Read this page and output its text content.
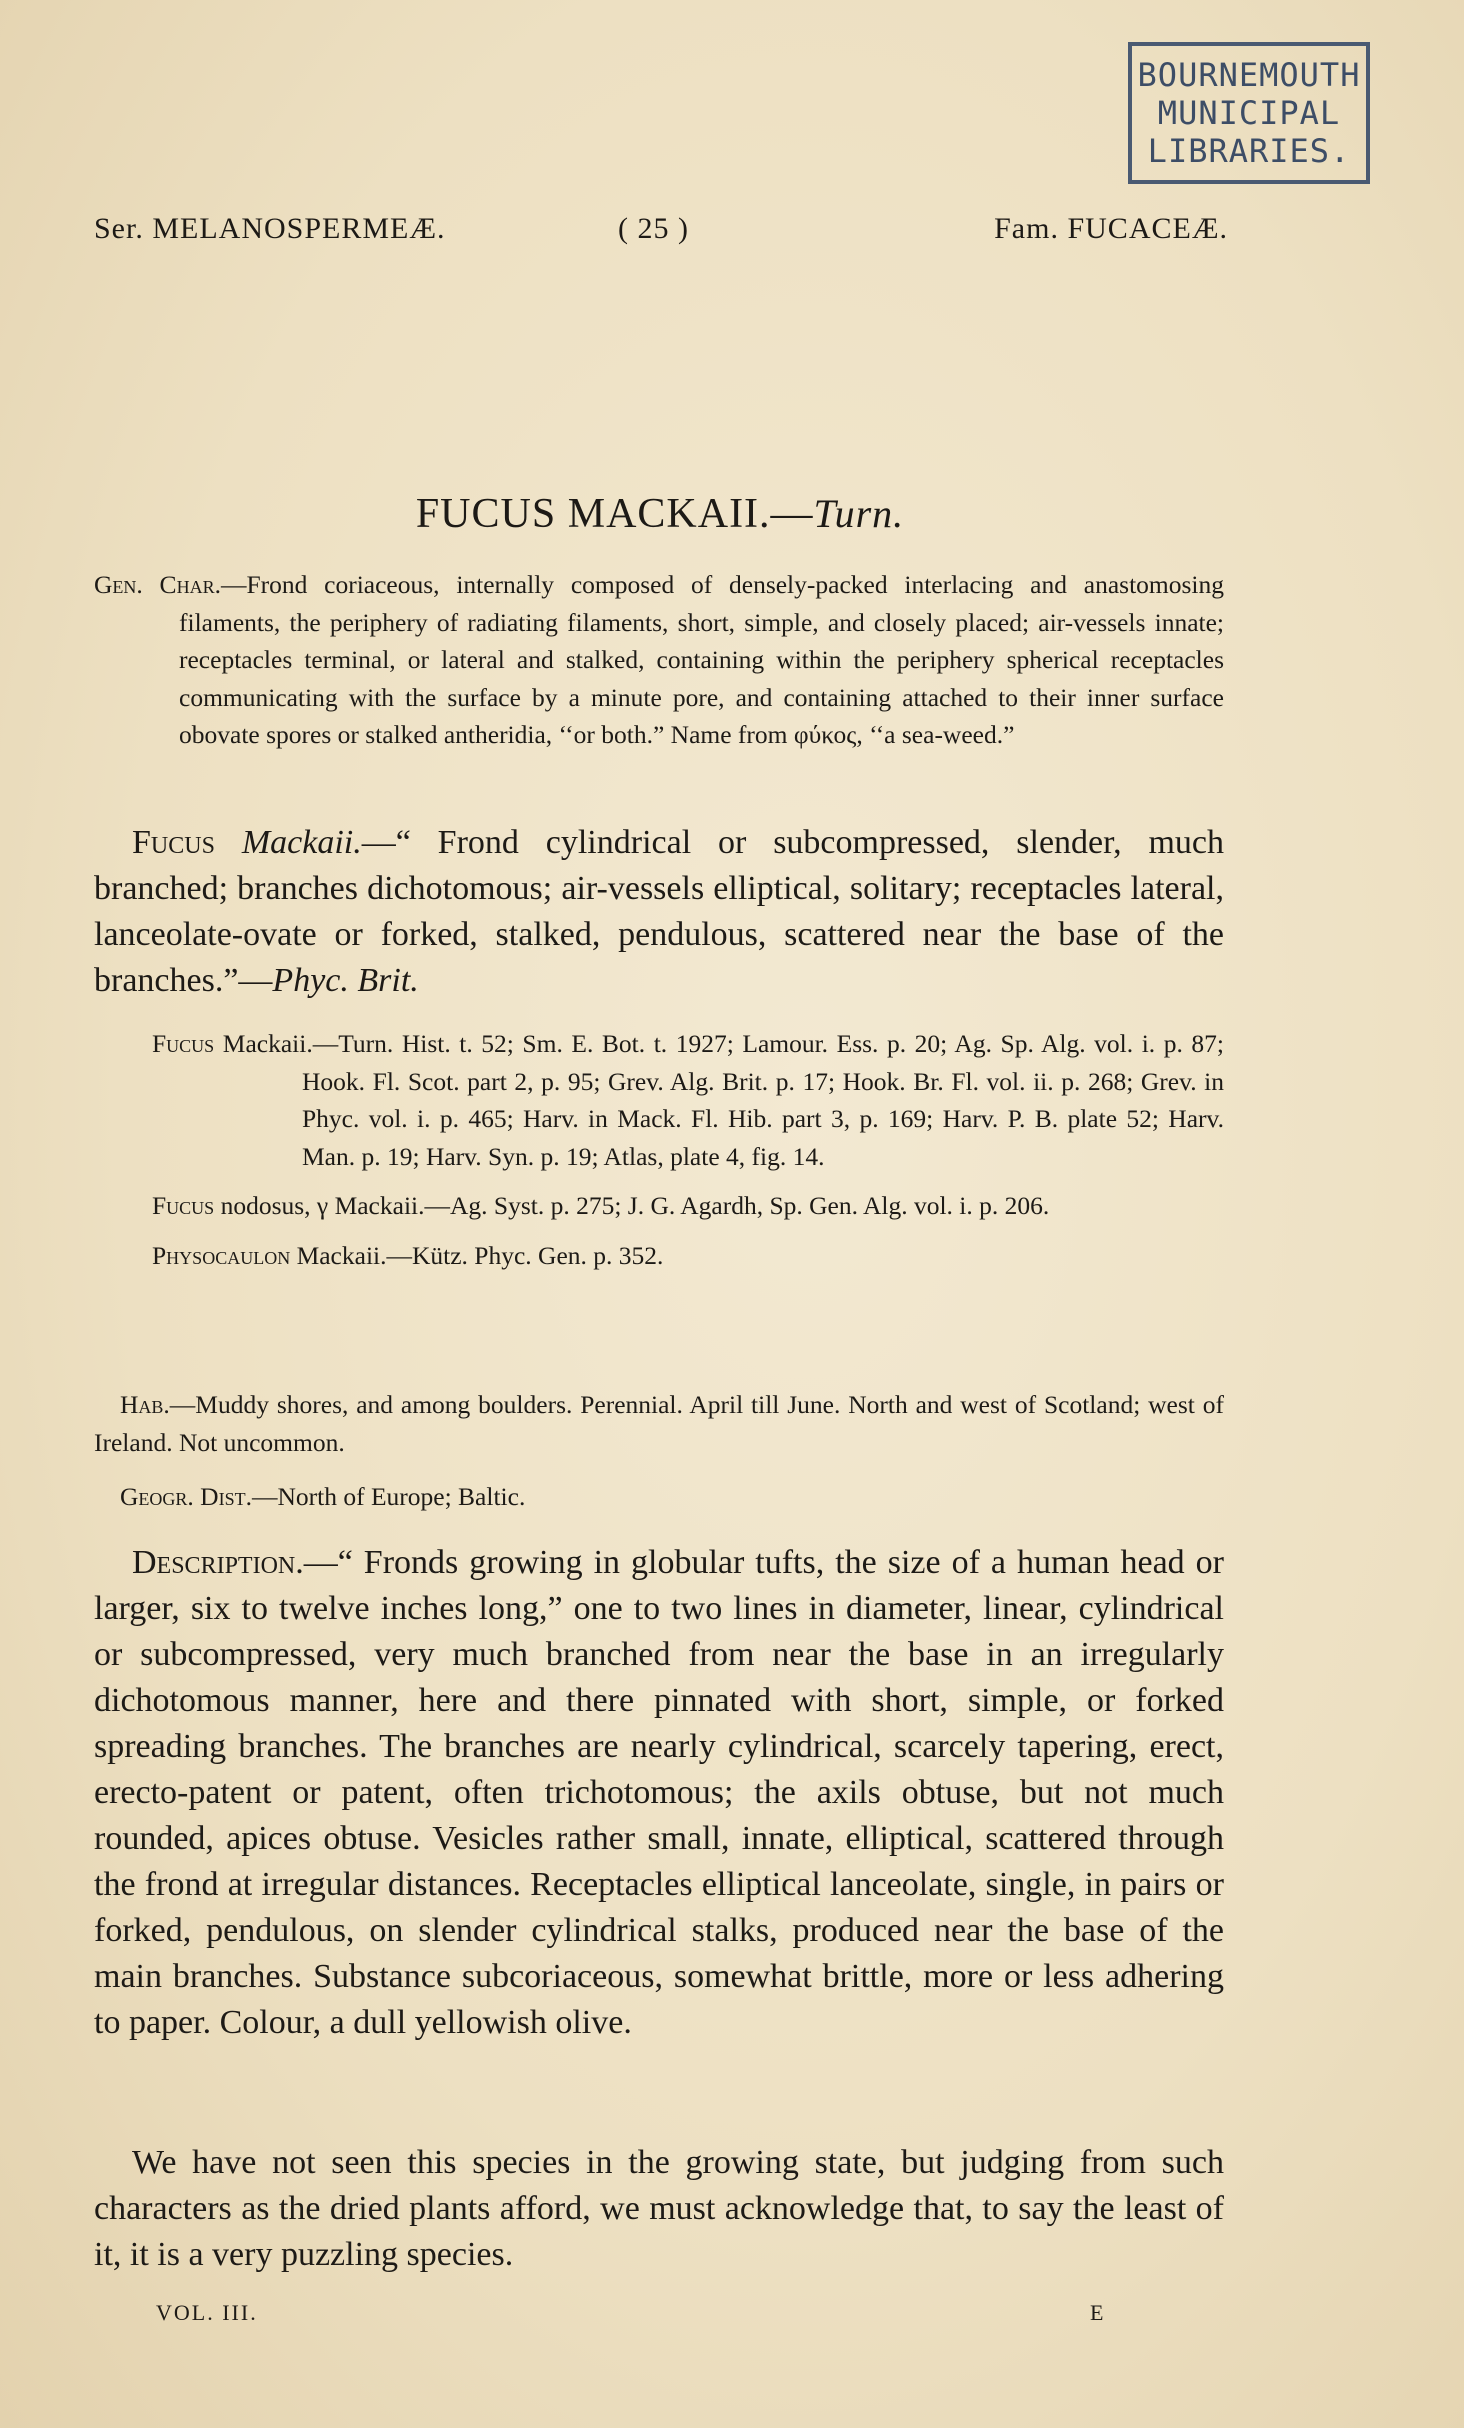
BOURNEMOUTH
MUNICIPAL
LIBRARIES.
Ser. MELANOSPERMEÆ.	( 25 )	Fam. FUCACEÆ.
FUCUS MACKAII.—Turn.

Gen. Char.—Frond coriaceous, internally composed of densely-packed interlacing and anastomosing filaments, the periphery of radiating filaments, short, simple, and closely placed; air-vessels innate; receptacles terminal, or lateral and stalked, containing within the periphery spherical receptacles communicating with the surface by a minute pore, and containing attached to their inner surface obovate spores or stalked antheridia, ‘‘or both.” Name from φύκος, ‘‘a sea-weed.”

Fucus Mackaii.—“ Frond cylindrical or subcompressed, slender, much branched; branches dichotomous; air-vessels elliptical, solitary; receptacles lateral, lanceolate-ovate or forked, stalked, pendulous, scattered near the base of the branches.”—Phyc. Brit.

Fucus Mackaii.—Turn. Hist. t. 52; Sm. E. Bot. t. 1927; Lamour. Ess. p. 20; Ag. Sp. Alg. vol. i. p. 87; Hook. Fl. Scot. part 2, p. 95; Grev. Alg. Brit. p. 17; Hook. Br. Fl. vol. ii. p. 268; Grev. in Phyc. vol. i. p. 465; Harv. in Mack. Fl. Hib. part 3, p. 169; Harv. P. B. plate 52; Harv. Man. p. 19; Harv. Syn. p. 19; Atlas, plate 4, fig. 14.

Fucus nodosus, γ Mackaii.—Ag. Syst. p. 275; J. G. Agardh, Sp. Gen. Alg. vol. i. p. 206.

Physocaulon Mackaii.—Kütz. Phyc. Gen. p. 352.

Hab.—Muddy shores, and among boulders. Perennial. April till June. North and west of Scotland; west of Ireland. Not uncommon.

Geogr. Dist.—North of Europe; Baltic.

Description.—“ Fronds growing in globular tufts, the size of a human head or larger, six to twelve inches long,” one to two lines in diameter, linear, cylindrical or subcompressed, very much branched from near the base in an irregularly dichotomous manner, here and there pinnated with short, simple, or forked spreading branches. The branches are nearly cylindrical, scarcely tapering, erect, erecto-patent or patent, often trichotomous; the axils obtuse, but not much rounded, apices obtuse. Vesicles rather small, innate, elliptical, scattered through the frond at irregular distances. Receptacles elliptical lanceolate, single, in pairs or forked, pendulous, on slender cylindrical stalks, produced near the base of the main branches. Substance subcoriaceous, somewhat brittle, more or less adhering to paper. Colour, a dull yellowish olive.

We have not seen this species in the growing state, but judging from such characters as the dried plants afford, we must acknowledge that, to say the least of it, it is a very puzzling species.

VOL. III.	E
